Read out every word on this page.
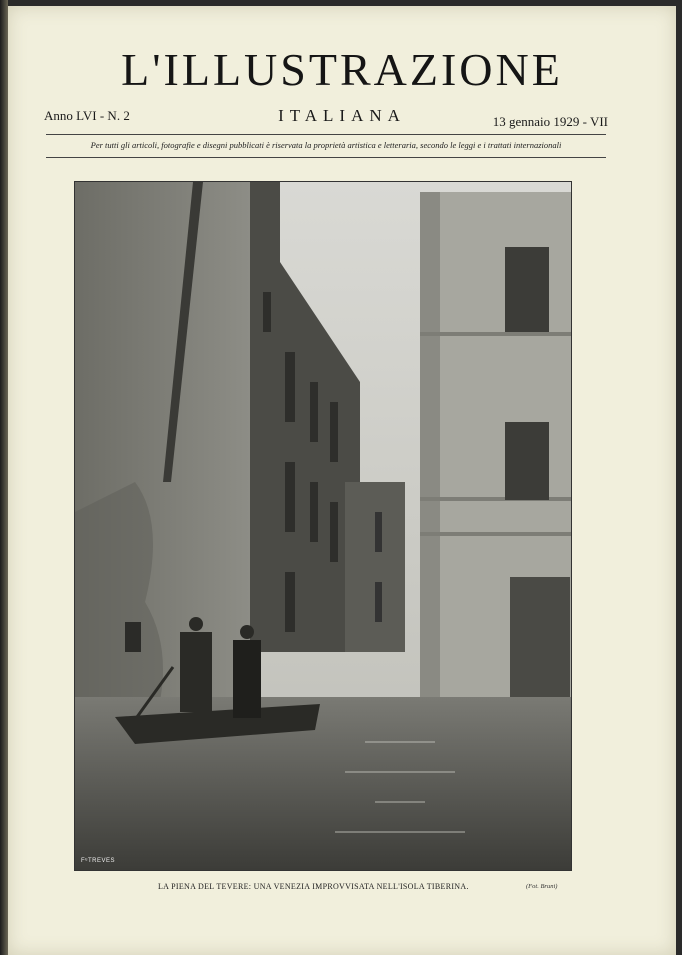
L'ILLUSTRAZIONE
Anno LVI - N. 2	ITALIANA	13 gennaio 1929 - VII
Per tutti gli articoli, fotografie e disegni pubblicati è riservata la proprietà artistica e letteraria, secondo le leggi e i trattati internazionali
FᵘTREVES
LA PIENA DEL TEVERE: UNA VENEZIA IMPROVVISATA NELL'ISOLA TIBERINA.	(Fot. Bruni)
